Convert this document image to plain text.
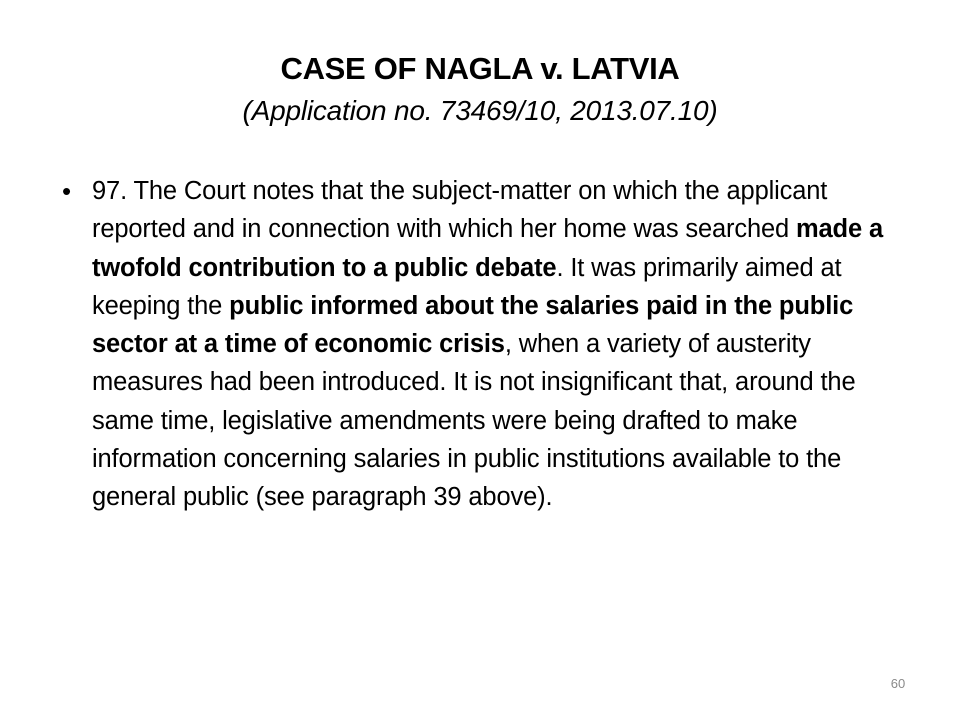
CASE OF NAGLA v. LATVIA
(Application no. 73469/10, 2013.07.10)
• 97. The Court notes that the subject-matter on which the applicant reported and in connection with which her home was searched made a twofold contribution to a public debate. It was primarily aimed at keeping the public informed about the salaries paid in the public sector at a time of economic crisis, when a variety of austerity measures had been introduced. It is not insignificant that, around the same time, legislative amendments were being drafted to make information concerning salaries in public institutions available to the general public (see paragraph 39 above).
60
